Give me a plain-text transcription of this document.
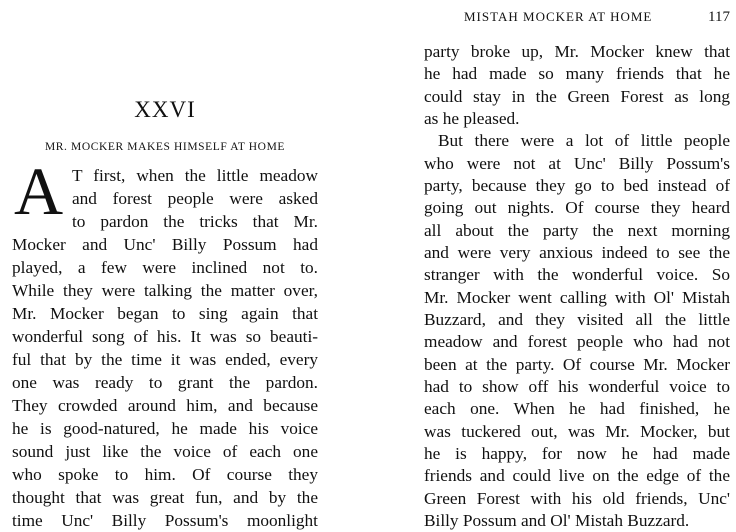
XXVI
MR. MOCKER MAKES HIMSELF AT HOME
A T first, when the little meadow
and forest people were asked
to pardon the tricks that Mr.
Mocker and Unc' Billy Possum had
played, a few were inclined not to.
While they were talking the matter over,
Mr. Mocker began to sing again that
wonderful song of his. It was so beauti-
ful that by the time it was ended, every
one was ready to grant the pardon.
They crowded around him, and because
he is good-natured, he made his voice
sound just like the voice of each one
who spoke to him. Of course they
thought that was great fun, and by the
time Unc' Billy Possum's moonlight
MISTAH MOCKER AT HOME	117
party broke up, Mr. Mocker knew that
he had made so many friends that he
could stay in the Green Forest as long
as he pleased.
But there were a lot of little people
who were not at Unc' Billy Possum's
party, because they go to bed instead of
going out nights. Of course they heard
all about the party the next morning
and were very anxious indeed to see the
stranger with the wonderful voice. So
Mr. Mocker went calling with Ol' Mistah
Buzzard, and they visited all the little
meadow and forest people who had not
been at the party. Of course Mr. Mocker
had to show off his wonderful voice to
each one. When he had finished, he
was tuckered out, was Mr. Mocker, but
he is happy, for now he had made
friends and could live on the edge of the
Green Forest with his old friends, Unc'
Billy Possum and Ol' Mistah Buzzard.
